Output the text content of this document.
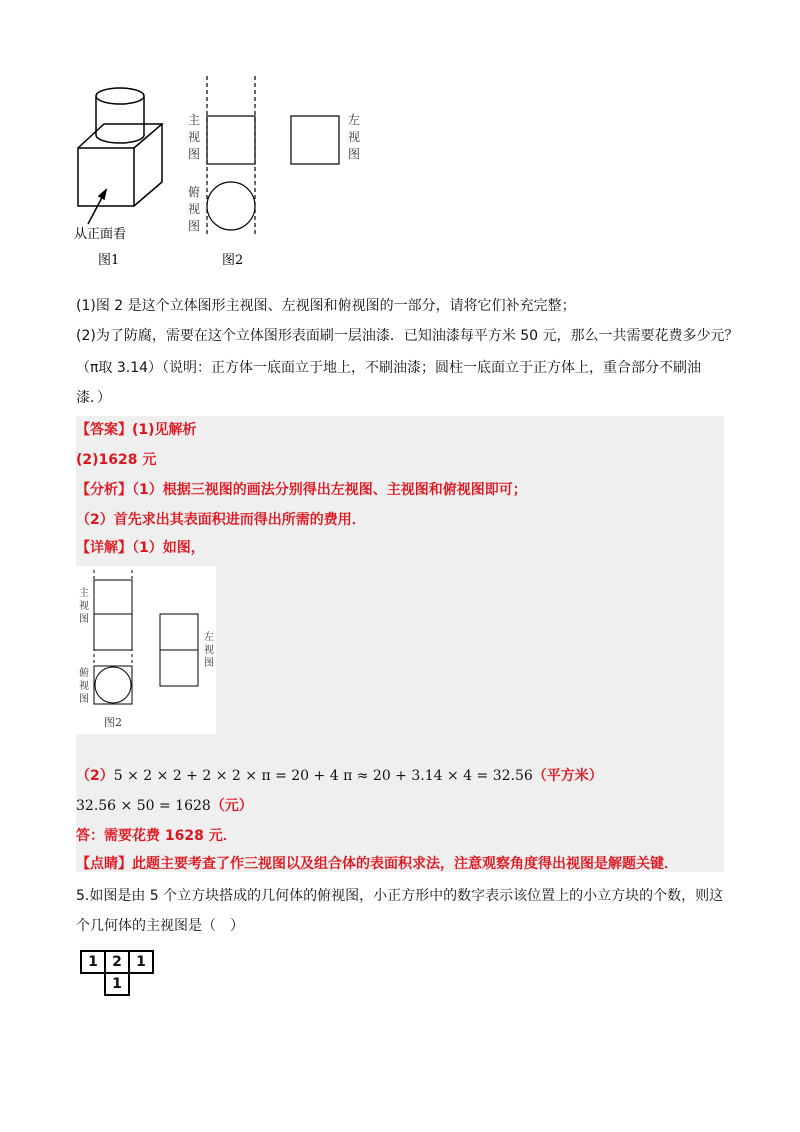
从正面看
图1
主
视
图
左
视
图
俯
视
图
图2
(1)图 2 是这个立体图形主视图、左视图和俯视图的一部分，请将它们补充完整；
(2)为了防腐，需要在这个立体图形表面刷一层油漆．已知油漆每平方米 50 元，那么一共需要花费多少元？
（π取 3.14）（说明：正方体一底面立于地上，不刷油漆；圆柱一底面立于正方体上，重合部分不刷油
漆．）
【答案】(1)见解析
(2)1628 元
【分析】（1）根据三视图的画法分别得出左视图、主视图和俯视图即可；
（2）首先求出其表面积进而得出所需的费用．
【详解】（1）如图，
主
视
图
左
视
图
俯
视
图
图2
（2）5 × 2 × 2 + 2 × 2 × π = 20 + 4 π ≈ 20 + 3.14 × 4 = 32.56（平方米）
32.56 × 50 = 1628（元）
答：需要花费 1628 元．
【点睛】此题主要考查了作三视图以及组合体的表面积求法，注意观察角度得出视图是解题关键．
5.如图是由 5 个立方块搭成的几何体的俯视图，小正方形中的数字表示该位置上的小立方块的个数，则这
个几何体的主视图是（　）
1	2	1
	1	
